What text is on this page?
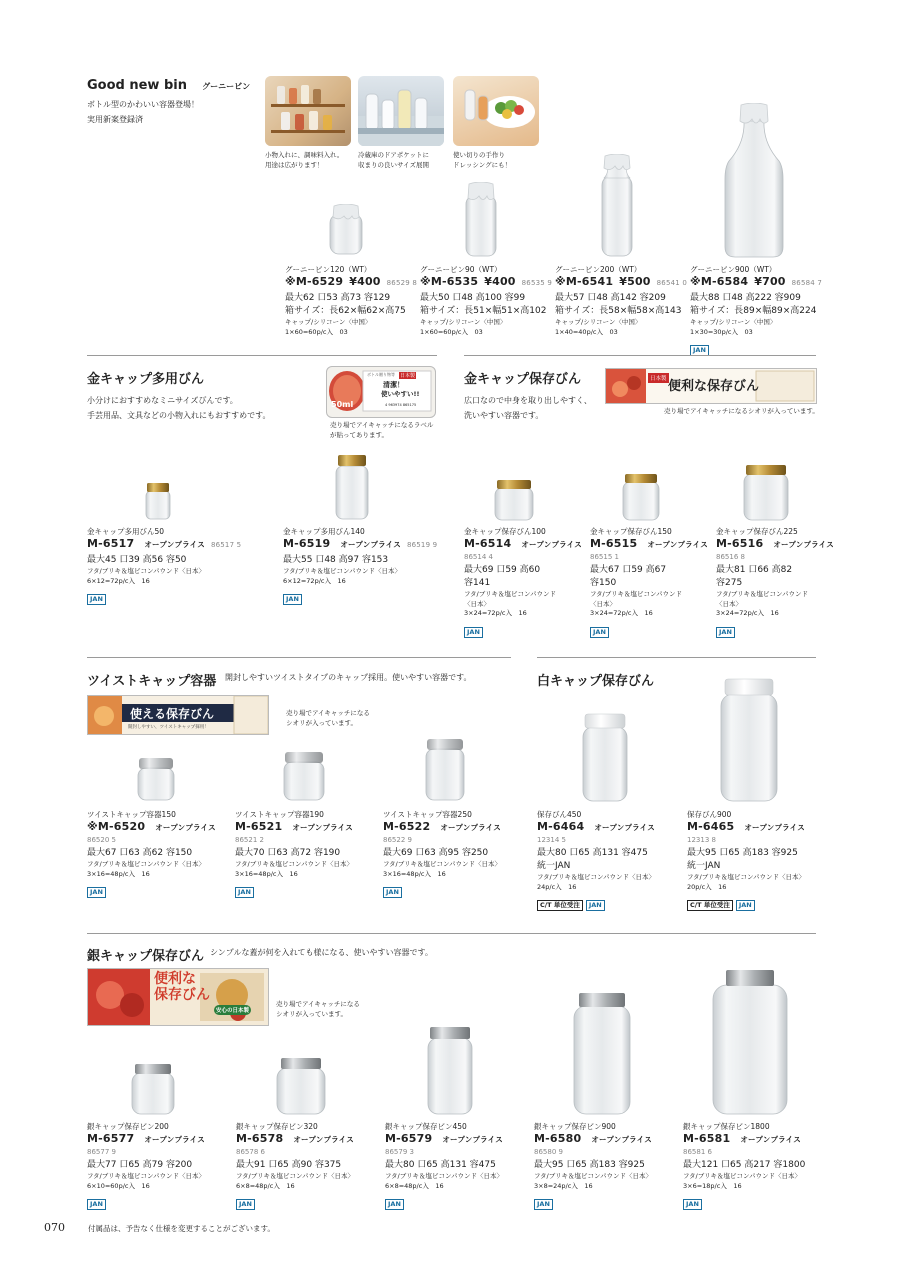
Good new bin グーニービン
ボトル型のかわいい容器登場！
実用新案登録済
小物入れに、調味料入れ。
用途は広がります！
冷蔵庫のドアポケットに
収まりの良いサイズ展開
使い切りの手作り
ドレッシングにも！
グーニービン120（WT）
※M-6529 ¥400 86529 8
最大62 口53 高73 容129
箱サイズ：長62×幅62×高75
キャップ/シリコーン〈中国〉
1×60=60p/c入　03
グーニービン90（WT）
※M-6535 ¥400 86535 9
最大50 口48 高100 容99
箱サイズ：長51×幅51×高102
キャップ/シリコーン〈中国〉
1×60=60p/c入　03
グーニービン200（WT）
※M-6541 ¥500 86541 0
最大57 口48 高142 容209
箱サイズ：長58×幅58×高143
キャップ/シリコーン〈中国〉
1×40=40p/c入　03
グーニービン900（WT）
※M-6584 ¥700 86584 7
最大88 口48 高222 容909
箱サイズ：長89×幅89×高224
キャップ/シリコーン〈中国〉
1×30=30p/c入　03
JAN
金キャップ多用びん
小分けにおすすめなミニサイズびんです。
手芸用品、文具などの小物入れにもおすすめです。
ボトル贈り物等 日本製
清潔！
使いやすい!!
50ml	4 963974 865175
売り場でアイキャッチになるラベル
が貼ってあります。
金キャップ多用びん50
M-6517 オープンプライス 86517 5
最大45 口39 高56 容50
フタ/ブリキ＆塩ビコンパウンド〈日本〉
6×12=72p/c入　16
JAN
金キャップ多用びん140
M-6519 オープンプライス 86519 9
最大55 口48 高97 容153
フタ/ブリキ＆塩ビコンパウンド〈日本〉
6×12=72p/c入　16
JAN
金キャップ保存びん
広口なので中身を取り出しやすく、
洗いやすい容器です。
日本製 便利な保存びん
売り場でアイキャッチになるシオリが入っています。
金キャップ保存びん100
M-6514 オープンプライス
86514 4
最大69 口59 高60
容141
フタ/ブリキ＆塩ビコンパウンド
〈日本〉
3×24=72p/c入　16
JAN
金キャップ保存びん150
M-6515 オープンプライス
86515 1
最大67 口59 高67
容150
フタ/ブリキ＆塩ビコンパウンド
〈日本〉
3×24=72p/c入　16
JAN
金キャップ保存びん225
M-6516 オープンプライス
86516 8
最大81 口66 高82
容275
フタ/ブリキ＆塩ビコンパウンド
〈日本〉
3×24=72p/c入　16
JAN
ツイストキャップ容器 開封しやすいツイストタイプのキャップ採用。使いやすい容器です。
使える保存びん
開封しやすい、ツイストキャップ採用！
売り場でアイキャッチになる
シオリが入っています。
ツイストキャップ容器150
※M-6520 オープンプライス
86520 5
最大67 口63 高62 容150
フタ/ブリキ＆塩ビコンパウンド〈日本〉
3×16=48p/c入　16
JAN
ツイストキャップ容器190
M-6521 オープンプライス
86521 2
最大70 口63 高72 容190
フタ/ブリキ＆塩ビコンパウンド〈日本〉
3×16=48p/c入　16
JAN
ツイストキャップ容器250
M-6522 オープンプライス
86522 9
最大69 口63 高95 容250
フタ/ブリキ＆塩ビコンパウンド〈日本〉
3×16=48p/c入　16
JAN
白キャップ保存びん
保存びん450
M-6464 オープンプライス
12314 5
最大80 口65 高131 容475
統一JAN
フタ/ブリキ＆塩ビコンパウンド〈日本〉
24p/c入　16
C/T 単位受注 JAN
保存びん900
M-6465 オープンプライス
12313 8
最大95 口65 高183 容925
統一JAN
フタ/ブリキ＆塩ビコンパウンド〈日本〉
20p/c入　16
C/T 単位受注 JAN
銀キャップ保存びん シンプルな蓋が何を入れても様になる、使いやすい容器です。
便利な
保存びん
安心の日本製
売り場でアイキャッチになる
シオリが入っています。
銀キャップ保存ビン200
M-6577 オープンプライス
86577 9
最大77 口65 高79 容200
フタ/ブリキ＆塩ビコンパウンド〈日本〉
6×10=60p/c入　16
JAN
銀キャップ保存ビン320
M-6578 オープンプライス
86578 6
最大91 口65 高90 容375
フタ/ブリキ＆塩ビコンパウンド〈日本〉
6×8=48p/c入　16
JAN
銀キャップ保存ビン450
M-6579 オープンプライス
86579 3
最大80 口65 高131 容475
フタ/ブリキ＆塩ビコンパウンド〈日本〉
6×8=48p/c入　16
JAN
銀キャップ保存ビン900
M-6580 オープンプライス
86580 9
最大95 口65 高183 容925
フタ/ブリキ＆塩ビコンパウンド〈日本〉
3×8=24p/c入　16
JAN
銀キャップ保存ビン1800
M-6581 オープンプライス
86581 6
最大121 口65 高217 容1800
フタ/ブリキ＆塩ビコンパウンド〈日本〉
3×6=18p/c入　16
JAN
070	付属品は、予告なく仕様を変更することがございます。
